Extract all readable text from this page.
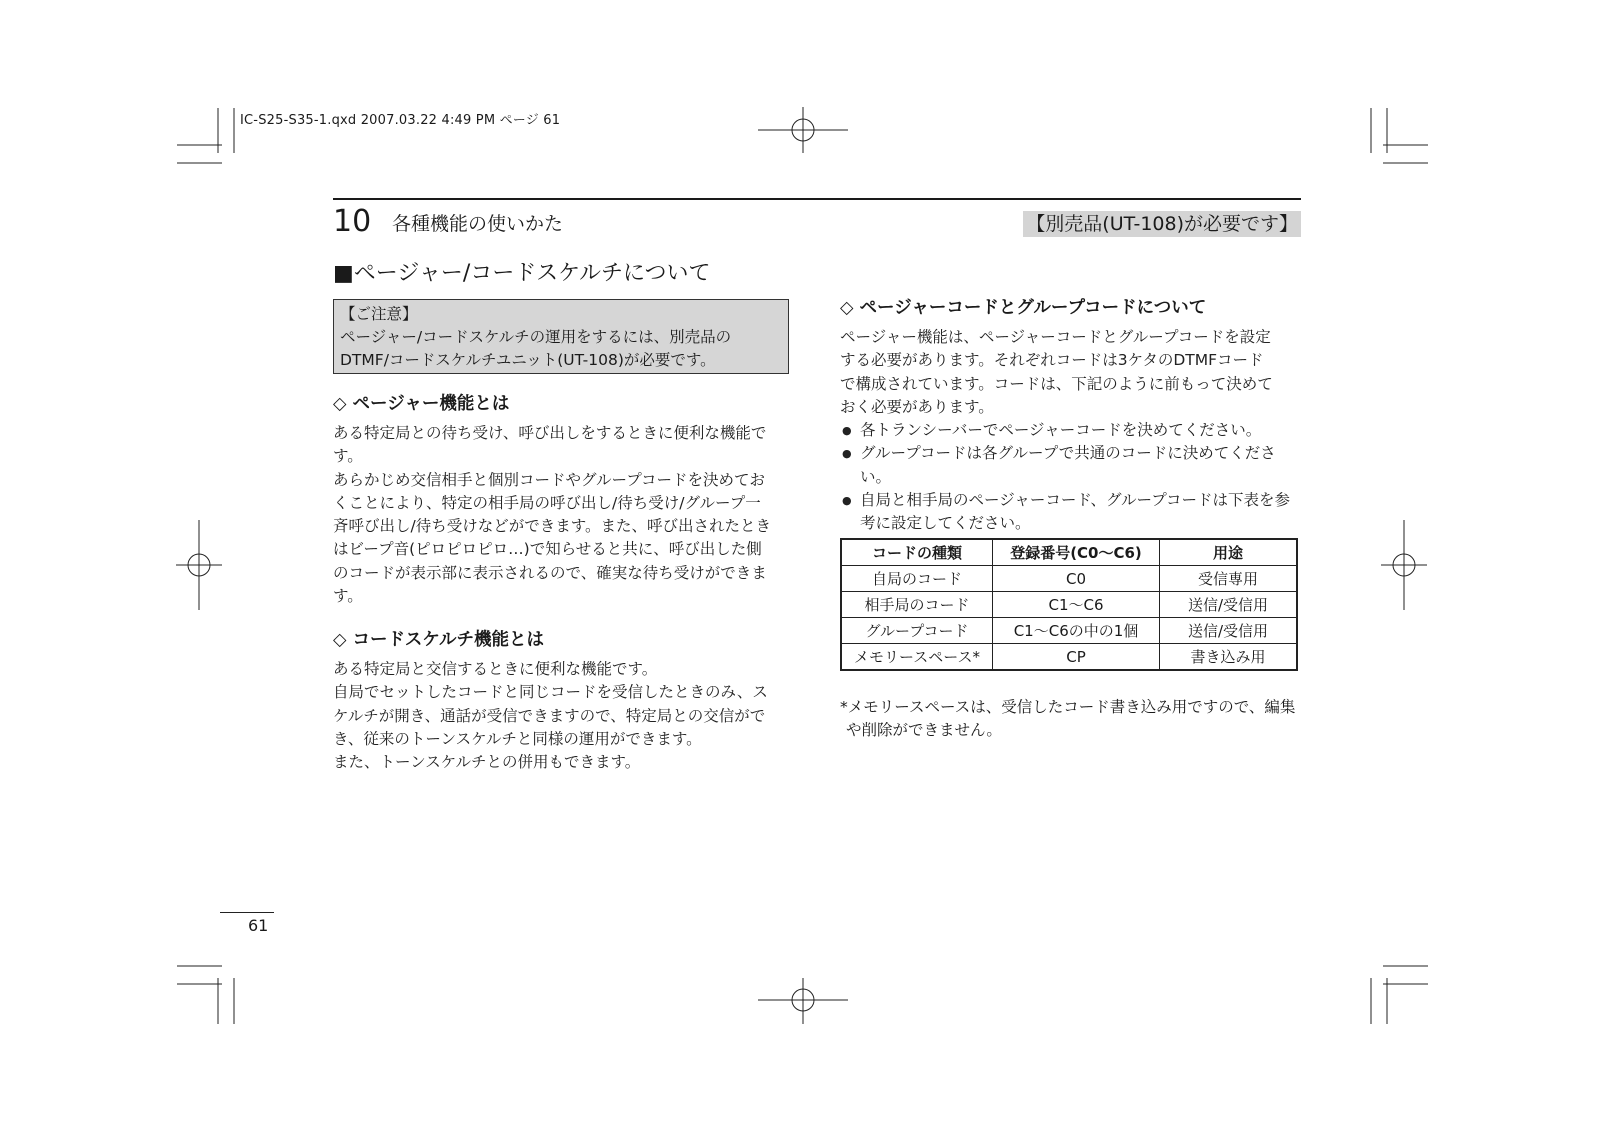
IC-S25-S35-1.qxd 2007.03.22 4:49 PM ページ 61
10 各種機能の使いかた	【別売品(UT-108)が必要です】
■ページャー/コードスケルチについて
【ご注意】
ページャー/コードスケルチの運用をするには、別売品の
DTMF/コードスケルチユニット(UT-108)が必要です。
◇ ページャー機能とは

ある特定局との待ち受け、呼び出しをするときに便利な機能で

す。

あらかじめ交信相手と個別コードやグループコードを決めてお

くことにより、特定の相手局の呼び出し/待ち受け/グループ一

斉呼び出し/待ち受けなどができます。また、呼び出されたとき

はビープ音(ピロピロピロ…)で知らせると共に、呼び出した側

のコードが表示部に表示されるので、確実な待ち受けができま

す。

◇ コードスケルチ機能とは

ある特定局と交信するときに便利な機能です。

自局でセットしたコードと同じコードを受信したときのみ、ス

ケルチが開き、通話が受信できますので、特定局との交信がで

き、従来のトーンスケルチと同様の運用ができます。

また、トーンスケルチとの併用もできます。

◇ ページャーコードとグループコードについて

ページャー機能は、ページャーコードとグループコードを設定

する必要があります。それぞれコードは3ケタのDTMFコード

で構成されています。コードは、下記のように前もって決めて

おく必要があります。

● 各トランシーバーでページャーコードを決めてください。
● グループコードは各グループで共通のコードに決めてください。
● 自局と相手局のページャーコード、グループコードは下表を参考に設定してください。
コードの種類	登録番号(C0〜C6)	用途
自局のコード	C0	受信専用
相手局のコード	C1〜C6	送信/受信用
グループコード	C1〜C6の中の1個	送信/受信用
メモリースペース*	CP	書き込み用
*メモリースペースは、受信したコード書き込み用ですので、編集
や削除ができません。
61
